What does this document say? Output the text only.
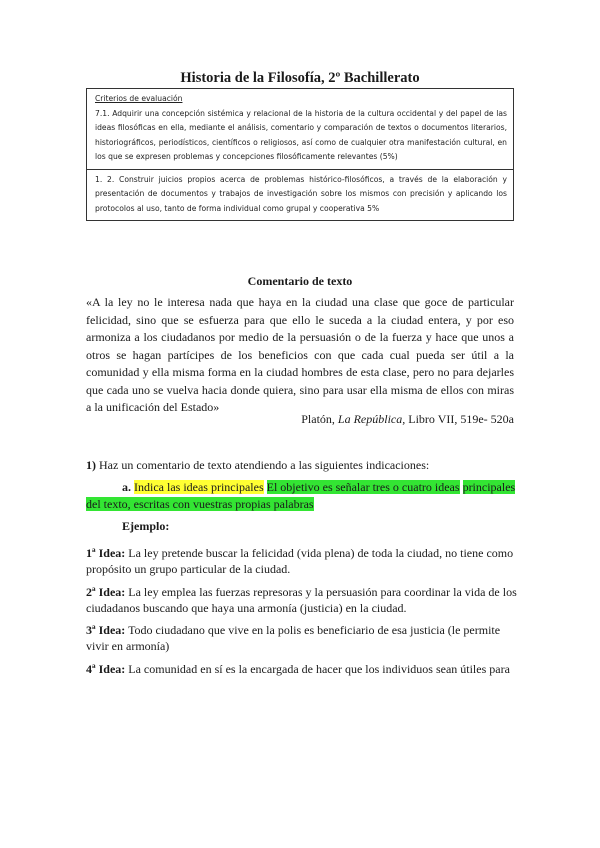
Historia de la Filosofía, 2º Bachillerato
Criterios de evaluación
7.1. Adquirir una concepción sistémica y relacional de la historia de la cultura occidental y del papel de las ideas filosóficas en ella, mediante el análisis, comentario y comparación de textos o documentos literarios, historiográficos, periodísticos, científicos o religiosos, así como de cualquier otra manifestación cultural, en los que se expresen problemas y concepciones filosóficamente relevantes (5%)
1. 2. Construir juicios propios acerca de problemas histórico-filosóficos, a través de la elaboración y presentación de documentos y trabajos de investigación sobre los mismos con precisión y aplicando los protocolos al uso, tanto de forma individual como grupal y cooperativa 5%
Comentario de texto
«A la ley no le interesa nada que haya en la ciudad una clase que goce de particular felicidad, sino que se esfuerza para que ello le suceda a la ciudad entera, y por eso armoniza a los ciudadanos por medio de la persuasión o de la fuerza y hace que unos a otros se hagan partícipes de los beneficios con que cada cual pueda ser útil a la comunidad y ella misma forma en la ciudad hombres de esta clase, pero no para dejarles que cada uno se vuelva hacia donde quiera, sino para usar ella misma de ellos con miras a la unificación del Estado»
Platón, La República, Libro VII, 519e- 520a
1) Haz un comentario de texto atendiendo a las siguientes indicaciones:
a. Indica las ideas principales El objetivo es señalar tres o cuatro ideas principales del texto, escritas con vuestras propias palabras
Ejemplo:
1ª Idea: La ley pretende buscar la felicidad (vida plena) de toda la ciudad, no tiene como propósito un grupo particular de la ciudad.
2ª Idea: La ley emplea las fuerzas represoras y la persuasión para coordinar la vida de los ciudadanos buscando que haya una armonía (justicia) en la ciudad.
3ª Idea: Todo ciudadano que vive en la polis es beneficiario de esa justicia (le permite vivir en armonía)
4ª Idea: La comunidad en sí es la encargada de hacer que los individuos sean útiles para
